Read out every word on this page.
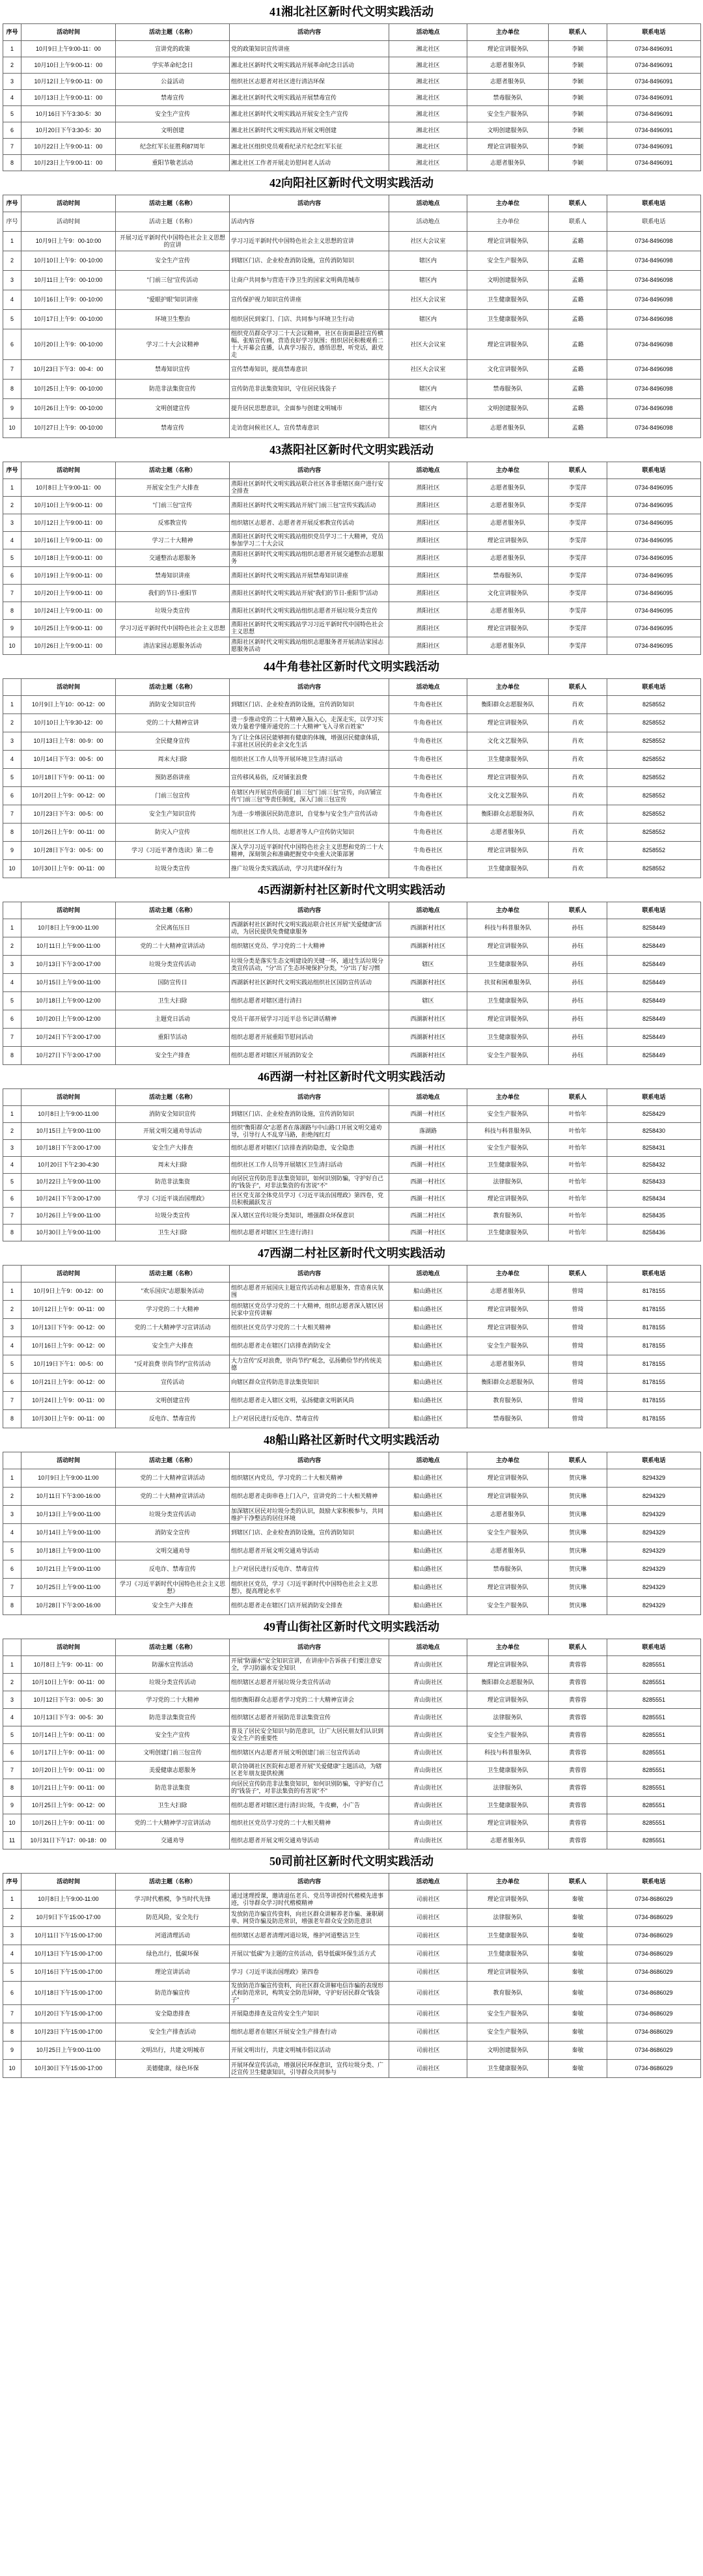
41湘北社区新时代文明实践活动
序号	活动时间	活动主题（名称）	活动内容	活动地点	主办单位	联系人	联系电话
1	10月9日上午9:00-11：00	宣讲党的政策	党的政策知识宣传讲座	湘北社区	理论宣讲服务队	李颖	0734-8496091
2	10月10日上午9:00-11：00	学实革命纪念日	湘北社区新时代文明实践站开展革命纪念日活动	湘北社区	志愿者服务队	李颖	0734-8496091
3	10月12日上午9:00-11：00	公益活动	组织社区志愿者对社区进行清洁环保	湘北社区	志愿者服务队	李颖	0734-8496091
4	10月13日上午9:00-11：00	禁毒宣传	湘北社区新时代文明实践站开展禁毒宣传	湘北社区	禁毒服务队	李颖	0734-8496091
5	10月16日下午3:30-5：30	安全生产宣传	湘北社区新时代文明实践站开展安全生产宣传	湘北社区	安全生产服务队	李颖	0734-8496091
6	10月20日下午3:30-5：30	文明创建	湘北社区新时代文明实践站开展文明创建	湘北社区	文明创建服务队	李颖	0734-8496091
7	10月22日上午9:00-11：00	纪念红军长征胜利87周年	湘北社区组织党员观看纪录片纪念红军长征	湘北社区	理论宣讲服务队	李颖	0734-8496091
8	10月23日上午9:00-11：00	重阳节敬老活动	湘北社区工作者开展走访慰问老人活动	湘北社区	志愿者服务队	李颖	0734-8496091
42向阳社区新时代文明实践活动
序号	活动时间	活动主题（名称）	活动内容	活动地点	主办单位	联系人	联系电话
序号	活动时间	活动主题（名称）	活动内容	活动地点	主办单位	联系人	联系电话
1	10月9日上午9：00-10:00	开展习近平新时代中国特色社会主义思想的宣讲	学习习近平新时代中国特色社会主义思想的宣讲	社区大会议室	理论宣讲服务队	孟璐	0734-8496098
2	10月10日上午9：00-10:00	安全生产宣传	到辖区门店、企业检查消防设施，宣传消防知识	辖区内	安全生产服务队	孟璐	0734-8496098
3	10月11日上午9：00-10:00	"门前三包"宣传活动	让商户共同参与营造干净卫生的国家文明典范城市	辖区内	文明创建服务队	孟璐	0734-8496098
4	10月16日上午9：00-10:00	"爱眼护眼"知识讲座	宣传保护视力知识宣传讲座	社区大会议室	卫生健康服务队	孟璐	0734-8496098
5	10月17日上午9：00-10:00	环境卫生整治	组织居民到家门、门店、共同参与环境卫生行动	辖区内	卫生健康服务队	孟璐	0734-8496098
6	10月20日上午9：00-10:00	学习二十大会议精神	组织党员群众学习二十大会议精神，社区在街面悬挂宣传横幅、张贴宣传画，营造良好学习氛围；组织居民积极观看二十大开幕会直播，认真学习报告，感悟思想，听党话，跟党走	社区大会议室	理论宣讲服务队	孟璐	0734-8496098
7	10月23日下午3：00-4：00	禁毒知识宣传	宣传禁毒知识，提高禁毒意识	社区大会议室	文化宣讲服务队	孟璐	0734-8496098
8	10月25日上午9：00-10:00	防范非法集资宣传	宣传防范非法集资知识，守住居民钱袋子	辖区内	禁毒服务队	孟璐	0734-8496098
9	10月26日上午9：00-10:00	文明创建宣传	提升居民思想意识，全面参与创建文明城市	辖区内	文明创建服务队	孟璐	0734-8496098
10	10月27日上午9：00-10:00	禁毒宣传	走访您问候社区人，宣传禁毒意识	辖区内	志愿者服务队	孟璐	0734-8496098
43蒸阳社区新时代文明实践活动
序号	活动时间	活动主题（名称）	活动内容	活动地点	主办单位	联系人	联系电话
1	10月8日上午9:00-11：00	开展安全生产大排查	蒸阳社区新时代文明实践站联合社区各非重辖区商户进行安全排查	蒸阳社区	志愿者服务队	李雯萍	0734-8496095
2	10月10日上午9:00-11：00	"门前三包"宣传	蒸阳社区新时代文明实践站开展"门前三包"宣传实践活动	蒸阳社区	志愿者服务队	李雯萍	0734-8496095
3	10月12日上午9:00-11：00	反邪教宣传	组织辖区志愿者、志愿者者开展反邪教宣传活动	蒸阳社区	志愿者服务队	李雯萍	0734-8496095
4	10月16日上午9:00-11：00	学习二十大精神	蒸阳社区新时代文明实践站组织党员学习二十大精神，党员参加学习二十大会议	蒸阳社区	理论宣讲服务队	李雯萍	0734-8496095
5	10月18日上午9:00-11：00	交通整治志愿服务	蒸阳社区新时代文明实践站组织志愿者开展交通整治志愿服务	蒸阳社区	志愿者服务队	李雯萍	0734-8496095
6	10月19日上午9:00-11：00	禁毒知识讲座	蒸阳社区新时代文明实践站开展禁毒知识讲座	蒸阳社区	禁毒服务队	李雯萍	0734-8496095
7	10月20日上午9:00-11：00	我们的节日-重阳节	蒸阳社区新时代文明实践站开展"我们的节日-重阳节"活动	蒸阳社区	文化宣讲服务队	李雯萍	0734-8496095
8	10月24日上午9:00-11：00	垃圾分类宣传	蒸阳社区新时代文明实践站组织志愿者开展垃圾分类宣传	蒸阳社区	志愿者服务队	李雯萍	0734-8496095
9	10月25日上午9:00-11：00	学习习近平新时代中国特色社会主义思想	蒸阳社区新时代文明实践站学习习近平新时代中国特色社会主义思想	蒸阳社区	理论宣讲服务队	李雯萍	0734-8496095
10	10月26日上午9:00-11：00	清洁家园志愿服务活动	蒸阳社区新时代文明实践站组织志愿服务者开展清洁家园志愿服务活动	蒸阳社区	志愿者服务队	李雯萍	0734-8496095
44牛角巷社区新时代文明实践活动
	活动时间	活动主题（名称）	活动内容	活动地点	主办单位	联系人	联系电话
1	10月9日上午10：00-12：00	消防安全知识宣传	到辖区门店、企业检查消防设施，宣传消防知识	牛角巷社区	衡阳群众志愿服务队	肖欢	8258552
2	10月10日上午9:30-12：00	党的二十大精神宣讲	进一步推动党的二十大精神入脑入心，走深走实，以学习实效力量着学懂弄通党的二十大精神"飞入寻常百姓家"	牛角巷社区	理论宣讲服务队	肖欢	8258552
3	10月13日上午8：00-9：00	全民健身宣传	为了让全体居民能够拥有健康的体魄，增强居民健康体质，丰富社区居民的业余文化生活	牛角巷社区	文化文艺服务队	肖欢	8258552
4	10月14日下午3：00-5：00	周末大扫除	组织社区工作人员等开展环境卫生清扫活动	牛角巷社区	卫生健康服务队	肖欢	8258552
5	10月18日下午9：00-11：00	预防恶俗讲座	宣传移风易俗，反对铺张浪费	牛角巷社区	理论宣讲服务队	肖欢	8258552
6	10月20日上午9：00-12：00	门前三包宣传	在辖区内开展宣传街道门前三包"门前三包"宣传，向店铺宣传"门前三包"等责任制度，深入门前三包宣传	牛角巷社区	文化文艺服务队	肖欢	8258552
7	10月23日下午3：00-5：00	安全生产知识宣传	为进一步增强居民防范意识，自觉参与安全生产宣传活动	牛角巷社区	衡阳群众志愿服务队	肖欢	8258552
8	10月26日上午9：00-11：00	防灾入户宣传	组织社区工作人员、志愿者等人户宣传防灾知识	牛角巷社区	志愿者服务队	肖欢	8258552
9	10月28日下午3：00-5：00	学习《习近平著作选读》第二卷	深入学习习近平新时代中国特色社会主义思想和党的二十大精神，深刻领会和准确把握党中央重大决策部署	牛角巷社区	理论宣讲服务队	肖欢	8258552
10	10月30日上午9：00-11：00	垃圾分类宣传	推广垃圾分类实践活动，学习共建环保行为	牛角巷社区	卫生健康服务队	肖欢	8258552
45西湖新村社区新时代文明实践活动
	活动时间	活动主题（名称）	活动内容	活动地点	主办单位	联系人	联系电话
1	10月8日上午9:00-11:00	全民离伍压日	西湖新村社区新时代文明实践站联合社区开展"关爱健康"活动，为居民提供免费健康服务	西湖新村社区	科技与科普服务队	孙钰	8258449
2	10月11日上午9:00-11:00	党的二十大精神宣讲活动	组织辖区党员、学习党的二十大精神	西湖新村社区	理论宣讲服务队	孙钰	8258449
3	10月13日下午3:00-17:00	垃圾分类宣传活动	垃圾分类是落实生态文明建设的关键一环，通过生活垃圾分类宣传活动，"分"出了生态环境保护分类，"分"出了好习惯	辖区	卫生健康服务队	孙钰	8258449
4	10月15日上午9:00-11:00	国防宣传日	西湖新村社区新时代文明实践站组织社区国防宣传活动	西湖新村社区	扶贫和困难服务队	孙钰	8258449
5	10月18日上午9:00-12:00	卫生大扫除	组织志愿者对辖区进行清扫	辖区	卫生健康服务队	孙钰	8258449
6	10月20日上午9:00-12:00	主题党日活动	党员干部开展学习习近平总书记讲话精神	西湖新村社区	理论宣讲服务队	孙钰	8258449
7	10月24日下午3:00-17:00	重阳节活动	组织志愿者开展重阳节慰问活动	西湖新村社区	卫生健康服务队	孙钰	8258449
8	10月27日下午3:00-17:00	安全生产排查	组织志愿者对辖区开展消防安全	西湖新村社区	安全生产服务队	孙钰	8258449
46西湖一村社区新时代文明实践活动
	活动时间	活动主题（名称）	活动内容	活动地点	主办单位	联系人	联系电话
1	10月8日上午9:00-11:00	消防安全知识宣传	到辖区门店、企业检查消防设施，宣传消防知识	西湖一村社区	安全生产服务队	叶怡年	8258429
2	10月15日上午9:00-11:00	开展文明交通劝导活动	组织"衡阳群众"志愿者在落湖路与中山路口开展文明交通劝导，引导行人不乱穿马路，拒绝闯红灯	落湖路	科技与科普服务队	叶怡年	8258430
3	10月18日下午3:00-17:00	安全生产大排查	组织志愿者对辖区门店排查消防隐患，安全隐患	西湖一村社区	安全生产服务队	叶怡年	8258431
4	10月20日下午2:30-4:30	周末大扫除	组织社区工作人员等开展辖区卫生清扫活动	西湖一村社区	卫生健康服务队	叶怡年	8258432
5	10月22日上午9:00-11:00	防范非法集资	向居民宣传防范非法集资知识，如何识别防骗，守护好自己的"钱袋子"，对非法集资的有害说"不"	西湖一村社区	法律服务队	叶怡年	8258433
6	10月24日下午3:00-17:00	学习《习近平谈治国理政》	社区党支部全体党员学习《习近平谈治国理政》第四卷，党员积极踊跃发言	西湖一村社区	理论宣讲服务队	叶怡年	8258434
7	10月26日上午9:00-11:00	垃圾分类宣传	深入辖区宣传垃圾分类知识，增强群众环保意识	西湖二村社区	教育服务队	叶怡年	8258435
8	10月30日上午9:00-11:00	卫生大扫除	组织志愿者对辖区卫生进行清扫	西湖一村社区	卫生健康服务队	叶怡年	8258436
47西湖二村社区新时代文明实践活动
	活动时间	活动主题（名称）	活动内容	活动地点	主办单位	联系人	联系电话
1	10月9日上午9：00-12：00	"欢乐国庆"志愿服务活动	组织志愿者开展国庆主题宣传活动和志愿服务，营造喜庆氛围	船山路社区	志愿者服务队	曾琦	8178155
2	10月12日上午9：00-11：00	学习党的二十大精神	组织辖区党员学习党的二十大精神，组织志愿者深入辖区居民家中宣传讲解	船山路社区	理论宣讲服务队	曾琦	8178155
3	10月13日下午9：00-12：00	党的二十大精神学习宣讲活动	组织社区党员学习党的二十大相关精神	船山路社区	理论宣讲服务队	曾琦	8178155
4	10月16日上午9：00-12：00	安全生产大排查	组织志愿者走在辖区门店排查消防安全	船山路社区	安全生产服务队	曾琦	8178155
5	10月19日下午1：00-5：00	"反对浪费 崇尚节约"宣传活动	大力宣传"反对浪费，崇尚节约"观念，弘扬勤俭节约传统美德	船山路社区	志愿者服务队	曾琦	8178155
6	10月21日上午9：00-12：00	宣传活动	向辖区群众宣传防范非法集资知识	船山路社区	衡阳群众志愿服务队	曾琦	8178155
7	10月24日上午9：00-11：00	文明创建宣传	组织志愿者走入辖区文明，弘扬健康文明新风尚	船山路社区	教育服务队	曾琦	8178155
8	10月30日上午9：00-11：00	反电诈、禁毒宣传	上户对居民进行反电诈、禁毒宣传	船山路社区	禁毒服务队	曾琦	8178155
48船山路社区新时代文明实践活动
	活动时间	活动主题（名称）	活动内容	活动地点	主办单位	联系人	联系电话
1	10月9日上午9:00-11:00	党的二十大精神宣讲活动	组织辖区内党员，学习党的二十大相关精神	船山路社区	理论宣讲服务队	贺庆琳	8294329
2	10月11日下午3:00-16:00	党的二十大精神宣讲活动	组织志愿者走街串巷上门入户，宣讲党的二十大相关精神	船山路社区	理论宣讲服务队	贺庆琳	8294329
3	10月13日上午9:00-11:00	垃圾分类宣传活动	加深辖区居民对垃圾分类的认识，鼓励大家积极参与，共同维护干净整洁的居住环境	船山路社区	志愿者服务队	贺庆琳	8294329
4	10月14日上午9:00-11:00	消防安全宣传	到辖区门店、企业检查消防设施，宣传消防知识	船山路社区	安全生产服务队	贺庆琳	8294329
5	10月18日上午9:00-11:00	文明交通劝导	组织志愿者开展文明交通劝导活动	船山路社区	志愿者服务队	贺庆琳	8294329
6	10月21日上午9:00-11:00	反电诈、禁毒宣传	上户对居民进行反电诈、禁毒宣传	船山路社区	禁毒服务队	贺庆琳	8294329
7	10月25日上午9:00-11:00	学习《习近平新时代中国特色社会主义思想》	组织社区党员，学习《习近平新时代中国特色社会主义思想》，提高理论水平	船山路社区	理论宣讲服务队	贺庆琳	8294329
8	10月28日下午3:00-16:00	安全生产大排查	组织志愿者走在辖区门店开展消防安全排查	船山路社区	安全生产服务队	贺庆琳	8294329
49青山街社区新时代文明实践活动
	活动时间	活动主题（名称）	活动内容	活动地点	主办单位	联系人	联系电话
1	10月8日上午9：00-11：00	防溺水宣传活动	开展"防溺水"安全知识宣讲，在讲座中告诉孩子们要注意安全，学习防溺水安全知识	青山街社区	理论宣讲服务队	黄蓉蓉	8285551
2	10月10日上午9：00-11：00	垃圾分类宣传活动	组织辖区志愿者开展垃圾分类宣传活动	青山街社区	衡阳群众志愿服务队	黄蓉蓉	8285551
3	10月12日下午3：00-5：30	学习党的二十大精神	组织衡阳群众志愿者学习党的二十大精神宣讲会	青山街社区	理论宣讲服务队	黄蓉蓉	8285551
4	10月13日下午3：00-5：30	防范非法集资宣传	组织辖区志愿者开展防范非法集资宣传	青山街社区	法律服务队	黄蓉蓉	8285551
5	10月14日上午9：00-11：00	安全生产宣传	普及了居民安全知识与防范意识，让广大居民朋友们认识到安全生产的重要性	青山街社区	安全生产服务队	黄蓉蓉	8285551
6	10月17日上午9：00-11：00	文明创建门前三包宣传	组织辖区内志愿者开展文明创建门前三包宣传活动	青山街社区	科技与科普服务队	黄蓉蓉	8285551
7	10月20日上午9：00-11：00	美爱健康志愿服务	联合协调社区医院和志愿者开展"关爱健康"主题活动，为辖区老年朋友提供检测	青山街社区	卫生健康服务队	黄蓉蓉	8285551
8	10月21日上午9：00-11：00	防范非法集资	向居民宣传防范非法集资知识，如何识别防骗，守护好自己的"钱袋子"，对非法集资的有害说"不"	青山街社区	法律服务队	黄蓉蓉	8285551
9	10月25日上午9：00-12：00	卫生大扫除	组织志愿者对辖区进行清扫垃圾，牛皮癣，小广告	青山街社区	卫生健康服务队	黄蓉蓉	8285551
10	10月26日上午9：00-11：00	党的二十大精神学习宣讲活动	组织社区党员学习党的二十大相关精神	青山街社区	理论宣讲服务队	黄蓉蓉	8285551
11	10月31日下午17：00-18：00	交通劝导	组织志愿者开展文明交通劝导活动	青山街社区	志愿者服务队	黄蓉蓉	8285551
50司前社区新时代文明实践活动
序号	活动时间	活动主题（名称）	活动内容	活动地点	主办单位	联系人	联系电话
1	10月8日上午9:00-11:00	学习时代楷模，争当时代先锋	通过迷理授课，邀请退伍老兵、党员等讲授时代楷模先进事迹，引导群众学习时代楷模精神	司前社区	理论宣讲服务队	秦敏	0734-8686029
2	10月9日下午15:00-17:00	防范风险，安全先行	发放防范诈骗宣传资料，向社区群众讲解养老诈骗、兼职刷单、网贷诈骗及防范常识，增强老年群众安全防范意识	司前社区	法律服务队	秦敏	0734-8686029
3	10月11日下午15:00-17:00	河道清理活动	组织辖区志愿者清理河道垃圾，维护河道整洁卫生	司前社区	卫生健康服务队	秦敏	0734-8686029
4	10月13日下午15:00-17:00	绿色出行，低碳环保	开展以"低碳"为主题的宣传活动，倡导低碳环保生活方式	司前社区	卫生健康服务队	秦敏	0734-8686029
5	10月16日下午15:00-17:00	理论宣讲活动	学习《习近平谈治国理政》第四卷	司前社区	理论宣讲服务队	秦敏	0734-8686029
6	10月18日下午15:00-17:00	防范诈骗宣传	发放防范诈骗宣传资料，向社区群众讲解电信诈骗的表现形式和防范常识，构筑安全防范屏障，守护好居民群众"钱袋子"	司前社区	教育服务队	秦敏	0734-8686029
7	10月20日下午15:00-17:00	安全隐患排查	开展隐患排查及宣传安全生产知识	司前社区	安全生产服务队	秦敏	0734-8686029
8	10月23日下午15:00-17:00	安全生产排查活动	组织志愿者在辖区开展安全生产排查行动	司前社区	安全生产服务队	秦敏	0734-8686029
9	10月25日上午9:00-11:00	文明出行，共建文明城市	开展文明出行，共建文明城市倡议活动	司前社区	文明创建服务队	秦敏	0734-8686029
10	10月30日下午15:00-17:00	美德健康，绿色环保	开展环保宣传活动，增强居民环保意识，宣传垃圾分类、广泛宣传卫生健康知识，引导群众共同参与	司前社区	卫生健康服务队	秦敏	0734-8686029
